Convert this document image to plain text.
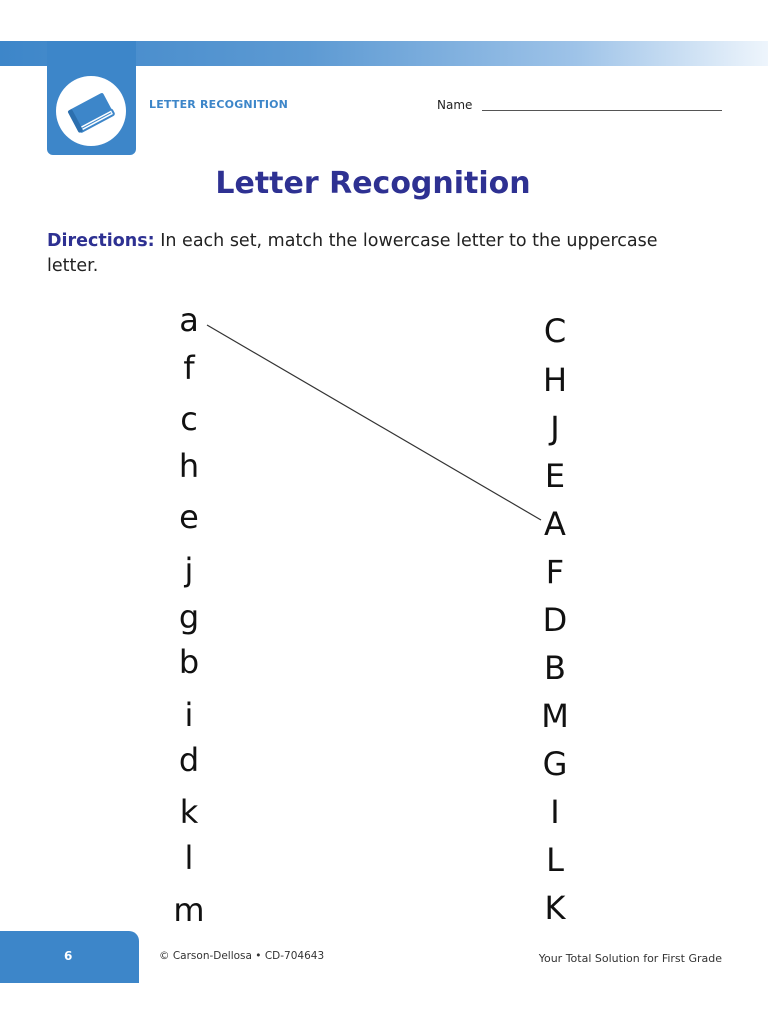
LETTER RECOGNITION	Name
Letter Recognition
Directions: In each set, match the lowercase letter to the uppercase letter.
a
f
c
h
e
j
g
b
i
d
k
l
m
C
H
J
E
A
F
D
B
M
G
I
L
K
6	© Carson-Dellosa • CD-704643	Your Total Solution for First Grade
